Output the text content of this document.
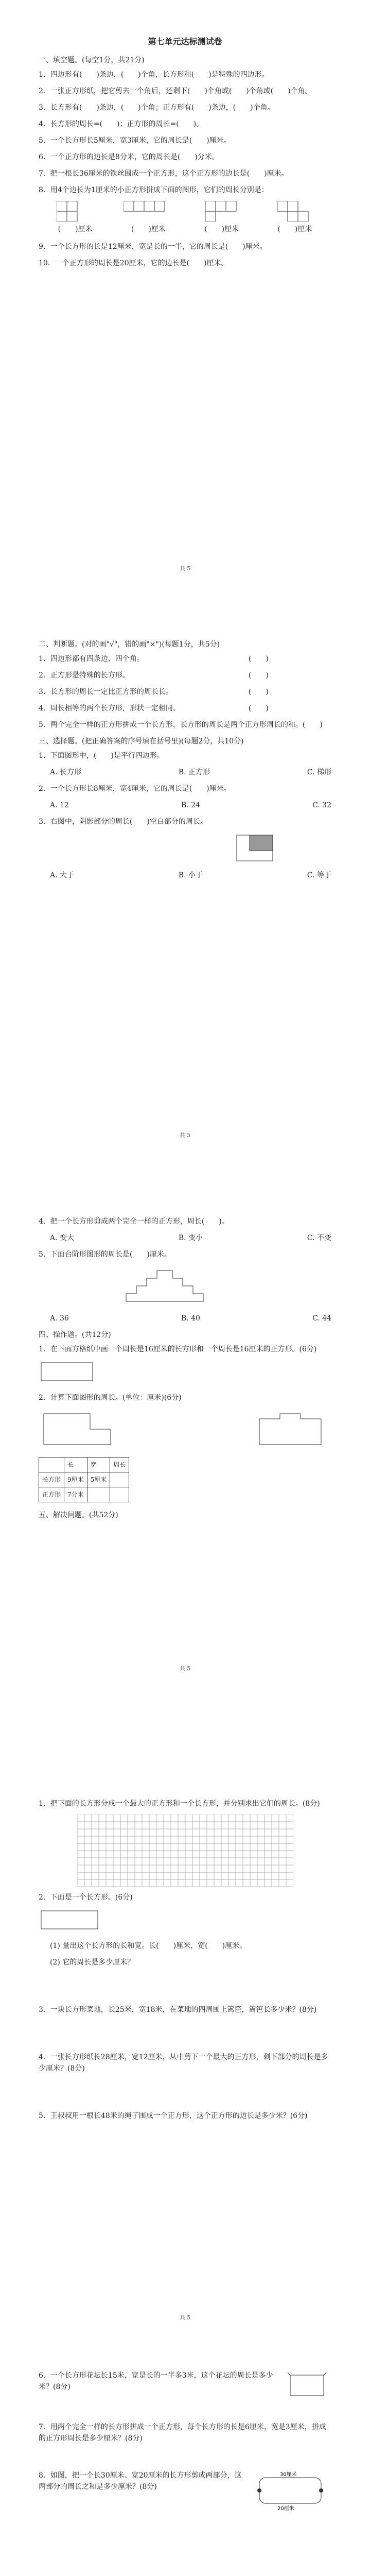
第七单元达标测试卷
一、填空题。(每空1分，共21分)
1．四边形有(　　)条边，(　　)个角，长方形和(　　)是特殊的四边形。
2．一张正方形纸，把它剪去一个角后，还剩下(　　)个角或(　　)个角或(　　)个角。
3．长方形有(　　)条边，(　　)个角；正方形有(　　)条边，(　　)个角。
4．长方形的周长=(　　)；正方形的周长=(　　)。
5．一个长方形长5厘米，宽3厘米，它的周长是(　　)厘米。
6．一个正方形的边长是8分米，它的周长是(　　)分米。
7．把一根长36厘米的铁丝围成一个正方形，这个正方形的边长是(　　)厘米。
8．用4个边长为1厘米的小正方形拼成下面的图形，它们的周长分别是：
(　　)厘米	(　　)厘米	(　　)厘米	(　　)厘米
9．一个长方形的长是12厘米，宽是长的一半，它的周长是(　　)厘米。
10．一个正方形的周长是20厘米，它的边长是(　　)厘米。
共 5
二、判断题。(对的画"√"，错的画"×")(每题1分，共5分)
1．四边形都有四条边、四个角。　　　　　　　　　　　　　　　(　　)
2．正方形是特殊的长方形。　　　　　　　　　　　　　　　　　(　　)
3．长方形的周长一定比正方形的周长长。　　　　　　　　　　　(　　)
4．周长相等的两个长方形，形状一定相同。　　　　　　　　　　(　　)
5．两个完全一样的正方形拼成一个长方形，长方形的周长是两个正方形周长的和。(　　)
三、选择题。(把正确答案的序号填在括号里)(每题2分，共10分)
1．下面图形中，(　　)是平行四边形。
A. 长方形	B. 正方形	C. 梯形
2．一个长方形长8厘米，宽4厘米，它的周长是(　　)厘米。
A. 12	B. 24	C. 32
3．右图中，阴影部分的周长(　　)空白部分的周长。
A. 大于	B. 小于	C. 等于
共 5
4．把一个长方形剪成两个完全一样的正方形，周长(　　)。
A. 变大	B. 变小	C. 不变
5．下面台阶形图形的周长是(　　)厘米。
A. 36	B. 40	C. 44
四、操作题。(共12分)
1．在下面方格纸中画一个周长是16厘米的长方形和一个周长是16厘米的正方形。(6分)
2．计算下面图形的周长。(单位：厘米)(6分)
	长	宽	周长
长方形	9厘米	5厘米	
正方形	7分米		
五、解决问题。(共52分)
共 5
1．把下面的长方形分成一个最大的正方形和一个长方形，并分别求出它们的周长。(8分)
2．下面是一个长方形。(6分)
(1) 量出这个长方形的长和宽。长(　　)厘米，宽(　　)厘米。
(2) 它的周长是多少厘米？
3．一块长方形菜地，长25米，宽18米，在菜地的四周围上篱笆，篱笆长多少米？(8分)
4．一张长方形纸长28厘米，宽12厘米，从中剪下一个最大的正方形，剩下部分的周长是多少厘米？(8分)
5．王叔叔用一根长48米的绳子围成一个正方形，这个正方形的边长是多少米？(6分)
共 5
6．一个长方形花坛长15米，宽是长的一半多3米，这个花坛的周长是多少米？(8分)
7．用两个完全一样的长方形拼成一个正方形，每个长方形的长是6厘米，宽是3厘米，拼成的正方形周长是多少厘米？(8分)
8．如图，把一个长30厘米、宽20厘米的长方形剪成两部分，这两部分的周长之和是多少厘米？(8分)
30厘米
20厘米
